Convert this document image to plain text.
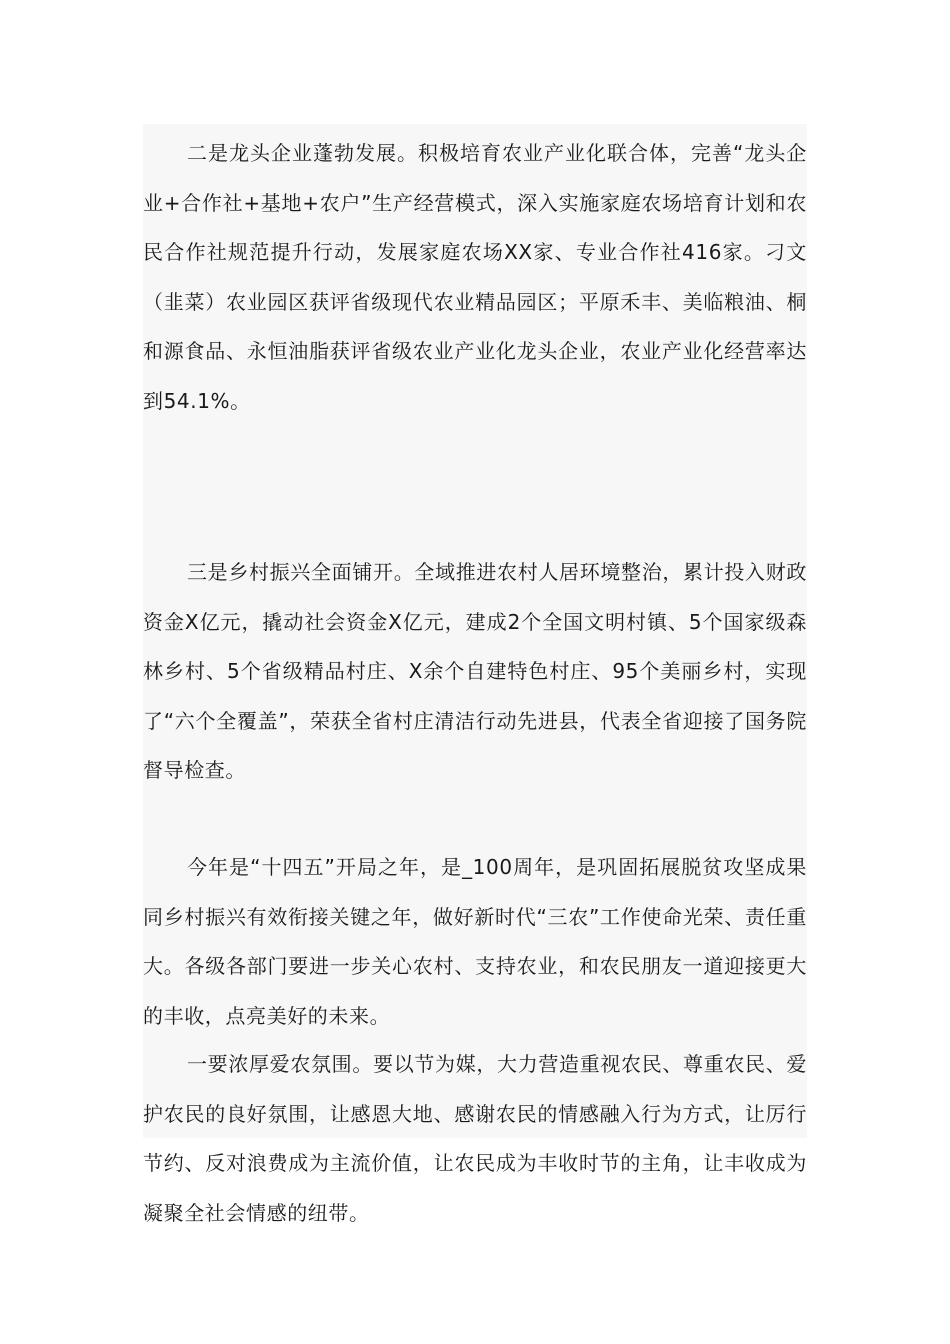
二是龙头企业蓬勃发展。积极培育农业产业化联合体，完善“龙头企业+合作社+基地+农户”生产经营模式，深入实施家庭农场培育计划和农民合作社规范提升行动，发展家庭农场XX家、专业合作社416家。刁文（韭菜）农业园区获评省级现代农业精品园区；平原禾丰、美临粮油、桐和源食品、永恒油脂获评省级农业产业化龙头企业，农业产业化经营率达到54.1%。

三是乡村振兴全面铺开。全域推进农村人居环境整治，累计投入财政资金X亿元，撬动社会资金X亿元，建成2个全国文明村镇、5个国家级森林乡村、5个省级精品村庄、X余个自建特色村庄、95个美丽乡村，实现了“六个全覆盖”，荣获全省村庄清洁行动先进县，代表全省迎接了国务院督导检查。

今年是“十四五”开局之年，是_100周年，是巩固拓展脱贫攻坚成果同乡村振兴有效衔接关键之年，做好新时代“三农”工作使命光荣、责任重大。各级各部门要进一步关心农村、支持农业，和农民朋友一道迎接更大的丰收，点亮美好的未来。

一要浓厚爱农氛围。要以节为媒，大力营造重视农民、尊重农民、爱护农民的良好氛围，让感恩大地、感谢农民的情感融入行为方式，让厉行节约、反对浪费成为主流价值，让农民成为丰收时节的主角，让丰收成为凝聚全社会情感的纽带。
